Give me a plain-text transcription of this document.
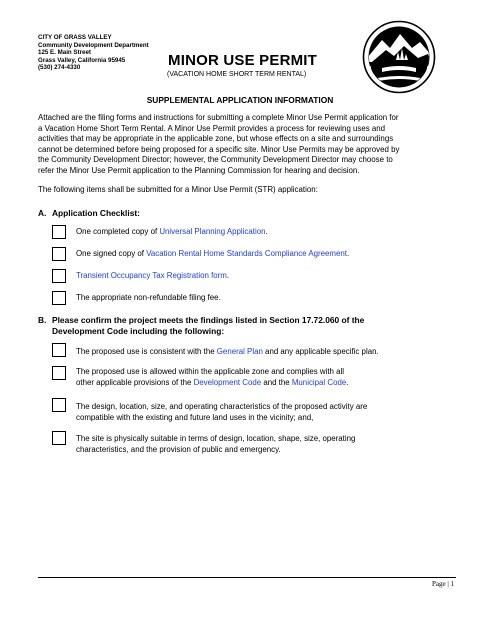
CITY OF GRASS VALLEY
Community Development Department
125 E. Main Street
Grass Valley, California 95945
(530) 274-4330	MINOR USE PERMIT
(VACATION HOME SHORT TERM RENTAL)
SUPPLEMENTAL APPLICATION INFORMATION
Attached are the filing forms and instructions for submitting a complete Minor Use Permit application for
a Vacation Home Short Term Rental. A Minor Use Permit provides a process for reviewing uses and
activities that may be appropriate in the applicable zone, but whose effects on a site and surroundings
cannot be determined before being proposed for a specific site. Minor Use Permits may be approved by
the Community Development Director; however, the Community Development Director may choose to
refer the Minor Use Permit application to the Planning Commission for hearing and decision.
The following items shall be submitted for a Minor Use Permit (STR) application:
A. Application Checklist:
One completed copy of Universal Planning Application.
One signed copy of Vacation Rental Home Standards Compliance Agreement.
Transient Occupancy Tax Registration form.
The appropriate non-refundable filing fee.
B. Please confirm the project meets the findings listed in Section 17.72.060 of the
Development Code including the following:
The proposed use is consistent with the General Plan and any applicable specific plan.
The proposed use is allowed within the applicable zone and complies with all
other applicable provisions of the Development Code and the Municipal Code.
The design, location, size, and operating characteristics of the proposed activity are
compatible with the existing and future land uses in the vicinity; and,
The site is physically suitable in terms of design, location, shape, size, operating
characteristics, and the provision of public and emergency.
Page | 1
